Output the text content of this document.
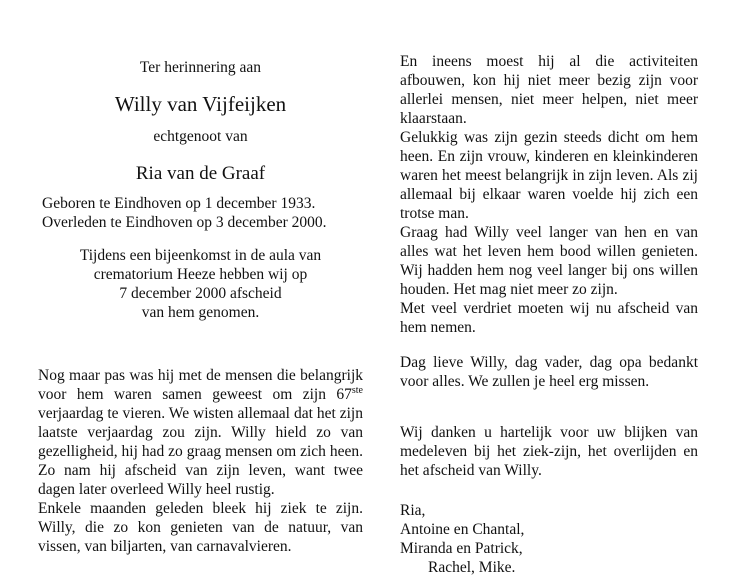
Ter herinnering aan
Willy van Vijfeijken
echtgenoot van
Ria van de Graaf

Geboren te Eindhoven op 1 december 1933.

Overleden te Eindhoven op 3 december 2000.

Tijdens een bijeenkomst in de aula van

crematorium Heeze hebben wij op

7 december 2000 afscheid

van hem genomen.

Nog maar pas was hij met de mensen die belangrijk voor hem waren samen geweest om zijn 67ste verjaardag te vieren. We wisten allemaal dat het zijn laatste verjaardag zou zijn. Willy hield zo van gezelligheid, hij had zo graag mensen om zich heen. Zo nam hij afscheid van zijn leven, want twee dagen later overleed Willy heel rustig.

Enkele maanden geleden bleek hij ziek te zijn. Willy, die zo kon genieten van de natuur, van vissen, van biljarten, van carnavalvieren.

En ineens moest hij al die activiteiten afbouwen, kon hij niet meer bezig zijn voor allerlei mensen, niet meer helpen, niet meer klaarstaan.

Gelukkig was zijn gezin steeds dicht om hem heen. En zijn vrouw, kinderen en kleinkinderen waren het meest belangrijk in zijn leven. Als zij allemaal bij elkaar waren voelde hij zich een trotse man.

Graag had Willy veel langer van hen en van alles wat het leven hem bood willen genieten. Wij hadden hem nog veel langer bij ons willen houden. Het mag niet meer zo zijn.

Met veel verdriet moeten wij nu afscheid van hem nemen.

Dag lieve Willy, dag vader, dag opa bedankt voor alles. We zullen je heel erg missen.

Wij danken u hartelijk voor uw blijken van medeleven bij het ziek-zijn, het overlijden en het afscheid van Willy.

Ria,

Antoine en Chantal,

Miranda en Patrick,

Rachel, Mike.
